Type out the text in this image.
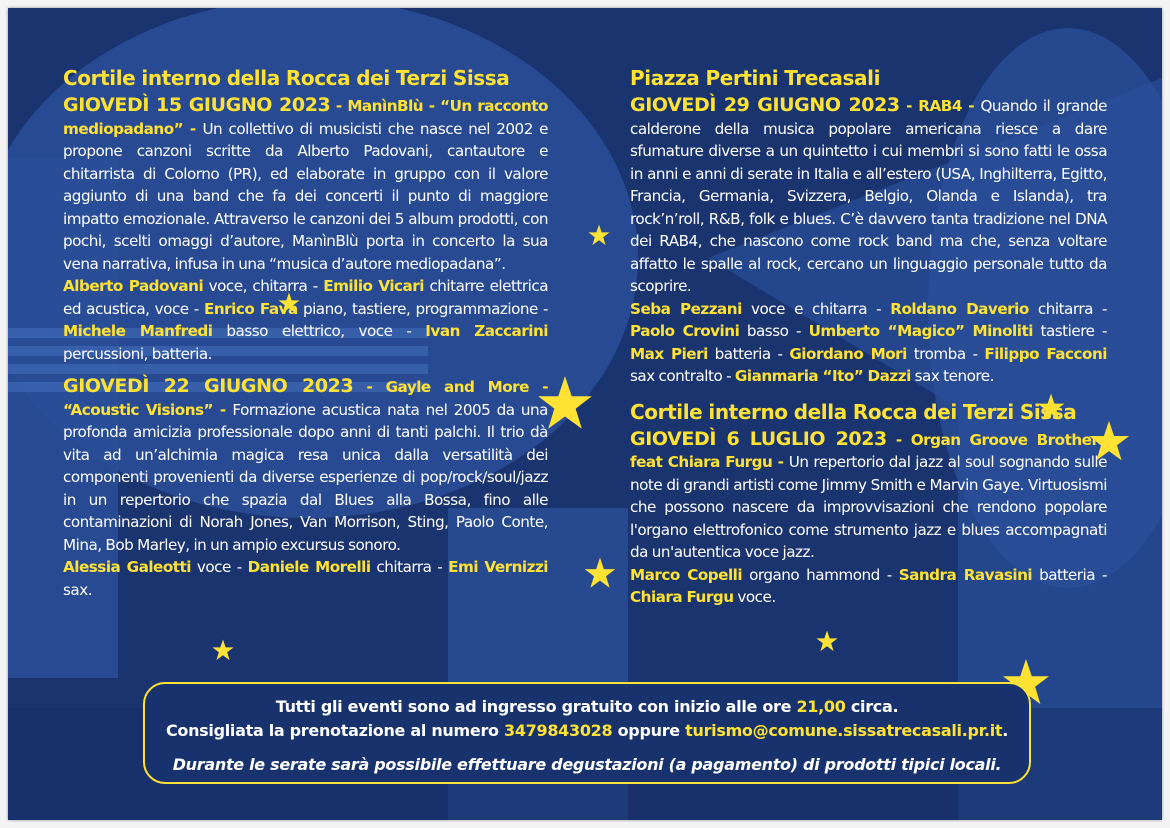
Cortile interno della Rocca dei Terzi Sissa

GIOVEDÌ 15 GIUGNO 2023 - ManìnBlù - “Un racconto mediopadano” - Un collettivo di musicisti che nasce nel 2002 e propone canzoni scritte da Alberto Padovani, cantautore e chitarrista di Colorno (PR), ed elaborate in gruppo con il valore aggiunto di una band che fa dei concerti il punto di maggiore impatto emozionale. Attraverso le canzoni dei 5 album prodotti, con pochi, scelti omaggi d’autore, ManìnBlù porta in concerto la sua vena narrativa, infusa in una “musica d’autore mediopadana”.

Alberto Padovani voce, chitarra - Emilio Vicari chitarre elettrica ed acustica, voce - Enrico Fava piano, tastiere, programmazione - Michele Manfredi basso elettrico, voce - Ivan Zaccarini percussioni, batteria.

GIOVEDÌ 22 GIUGNO 2023 - Gayle and More - “Acoustic Visions” - Formazione acustica nata nel 2005 da una profonda amicizia professionale dopo anni di tanti palchi. Il trio dà vita ad un’alchimia magica resa unica dalla versatilità dei componenti provenienti da diverse esperienze di pop/rock/soul/jazz in un repertorio che spazia dal Blues alla Bossa, fino alle contaminazioni di Norah Jones, Van Morrison, Sting, Paolo Conte, Mina, Bob Marley, in un ampio excursus sonoro.

Alessia Galeotti voce - Daniele Morelli chitarra - Emi Vernizzi sax.

Piazza Pertini Trecasali

GIOVEDÌ 29 GIUGNO 2023 - RAB4 - Quando il grande calderone della musica popolare americana riesce a dare sfumature diverse a un quintetto i cui membri si sono fatti le ossa in anni e anni di serate in Italia e all’estero (USA, Inghilterra, Egitto, Francia, Germania, Svizzera, Belgio, Olanda e Islanda), tra rock’n’roll, R&B, folk e blues. C’è davvero tanta tradizione nel DNA dei RAB4, che nascono come rock band ma che, senza voltare affatto le spalle al rock, cercano un linguaggio personale tutto da scoprire.

Seba Pezzani voce e chitarra - Roldano Daverio chitarra - Paolo Crovini basso - Umberto “Magico” Minoliti tastiere - Max Pieri batteria - Giordano Mori tromba - Filippo Facconi sax contralto - Gianmaria “Ito” Dazzi sax tenore.

Cortile interno della Rocca dei Terzi Sissa

GIOVEDÌ 6 LUGLIO 2023 - Organ Groove Brothers feat Chiara Furgu - Un repertorio dal jazz al soul sognando sulle note di grandi artisti come Jimmy Smith e Marvin Gaye. Virtuosismi che possono nascere da improvvisazioni che rendono popolare l'organo elettrofonico come strumento jazz e blues accompagnati da un'autentica voce jazz.

Marco Copelli organo hammond - Sandra Ravasini batteria - Chiara Furgu voce.

Tutti gli eventi sono ad ingresso gratuito con inizio alle ore 21,00 circa.
Consigliata la prenotazione al numero 3479843028 oppure turismo@comune.sissatrecasali.pr.it.
Durante le serate sarà possibile effettuare degustazioni (a pagamento) di prodotti tipici locali.
